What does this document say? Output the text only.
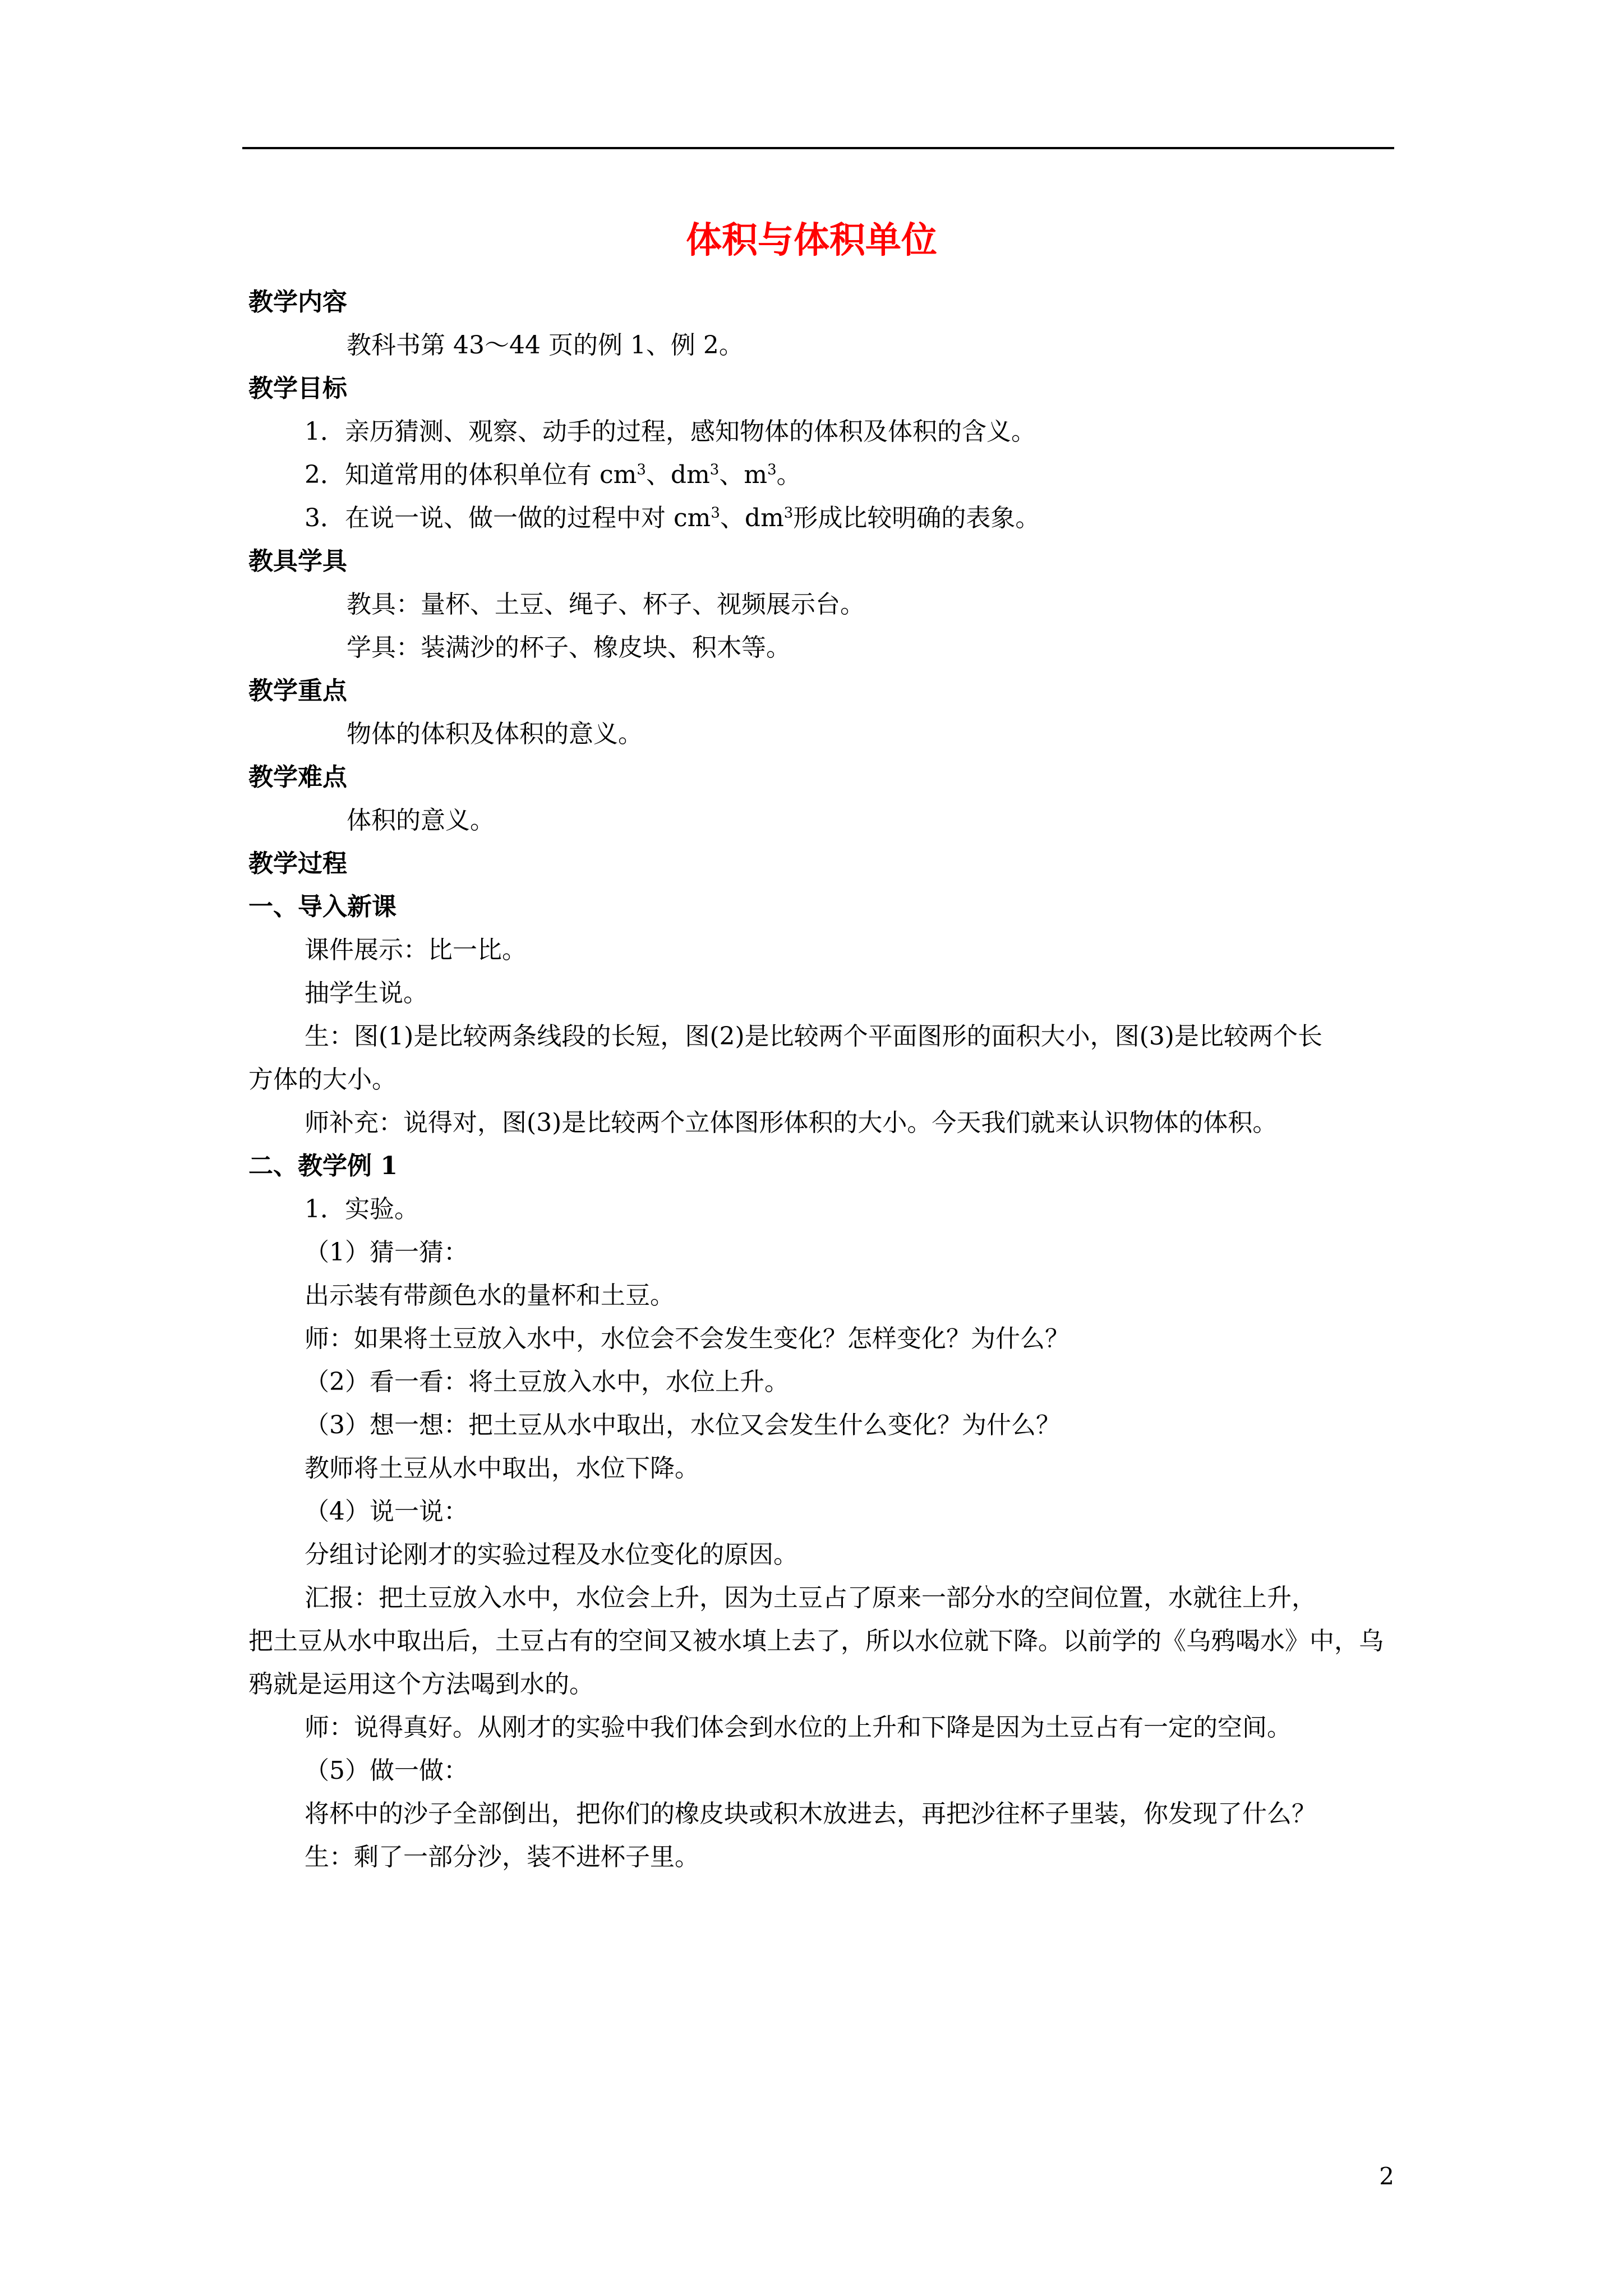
体积与体积单位
教学内容
教科书第 43～44 页的例 1、例 2。
教学目标
1．亲历猜测、观察、动手的过程，感知物体的体积及体积的含义。
2．知道常用的体积单位有 $cm^3$、$dm^3$、$m^3$。
3．在说一说、做一做的过程中对 $cm^3$、$dm^3$形成比较明确的表象。
教具学具
教具：量杯、土豆、绳子、杯子、视频展示台。
学具：装满沙的杯子、橡皮块、积木等。
教学重点
物体的体积及体积的意义。
教学难点
体积的意义。
教学过程
一、导入新课
课件展示：比一比。
抽学生说。
生：图(1)是比较两条线段的长短，图(2)是比较两个平面图形的面积大小，图(3)是比较两个长
方体的大小。
师补充：说得对，图(3)是比较两个立体图形体积的大小。今天我们就来认识物体的体积。
二、教学例 1
1．实验。
（1）猜一猜：
出示装有带颜色水的量杯和土豆。
师：如果将土豆放入水中，水位会不会发生变化？怎样变化？为什么？
（2）看一看：将土豆放入水中，水位上升。
（3）想一想：把土豆从水中取出，水位又会发生什么变化？为什么？
教师将土豆从水中取出，水位下降。
（4）说一说：
分组讨论刚才的实验过程及水位变化的原因。
汇报：把土豆放入水中，水位会上升，因为土豆占了原来一部分水的空间位置，水就往上升，
把土豆从水中取出后，土豆占有的空间又被水填上去了，所以水位就下降。以前学的《乌鸦喝水》中，乌鸦就是运用这个方法喝到水的。
师：说得真好。从刚才的实验中我们体会到水位的上升和下降是因为土豆占有一定的空间。
（5）做一做：
将杯中的沙子全部倒出，把你们的橡皮块或积木放进去，再把沙往杯子里装，你发现了什么？
生：剩了一部分沙，装不进杯子里。
2
